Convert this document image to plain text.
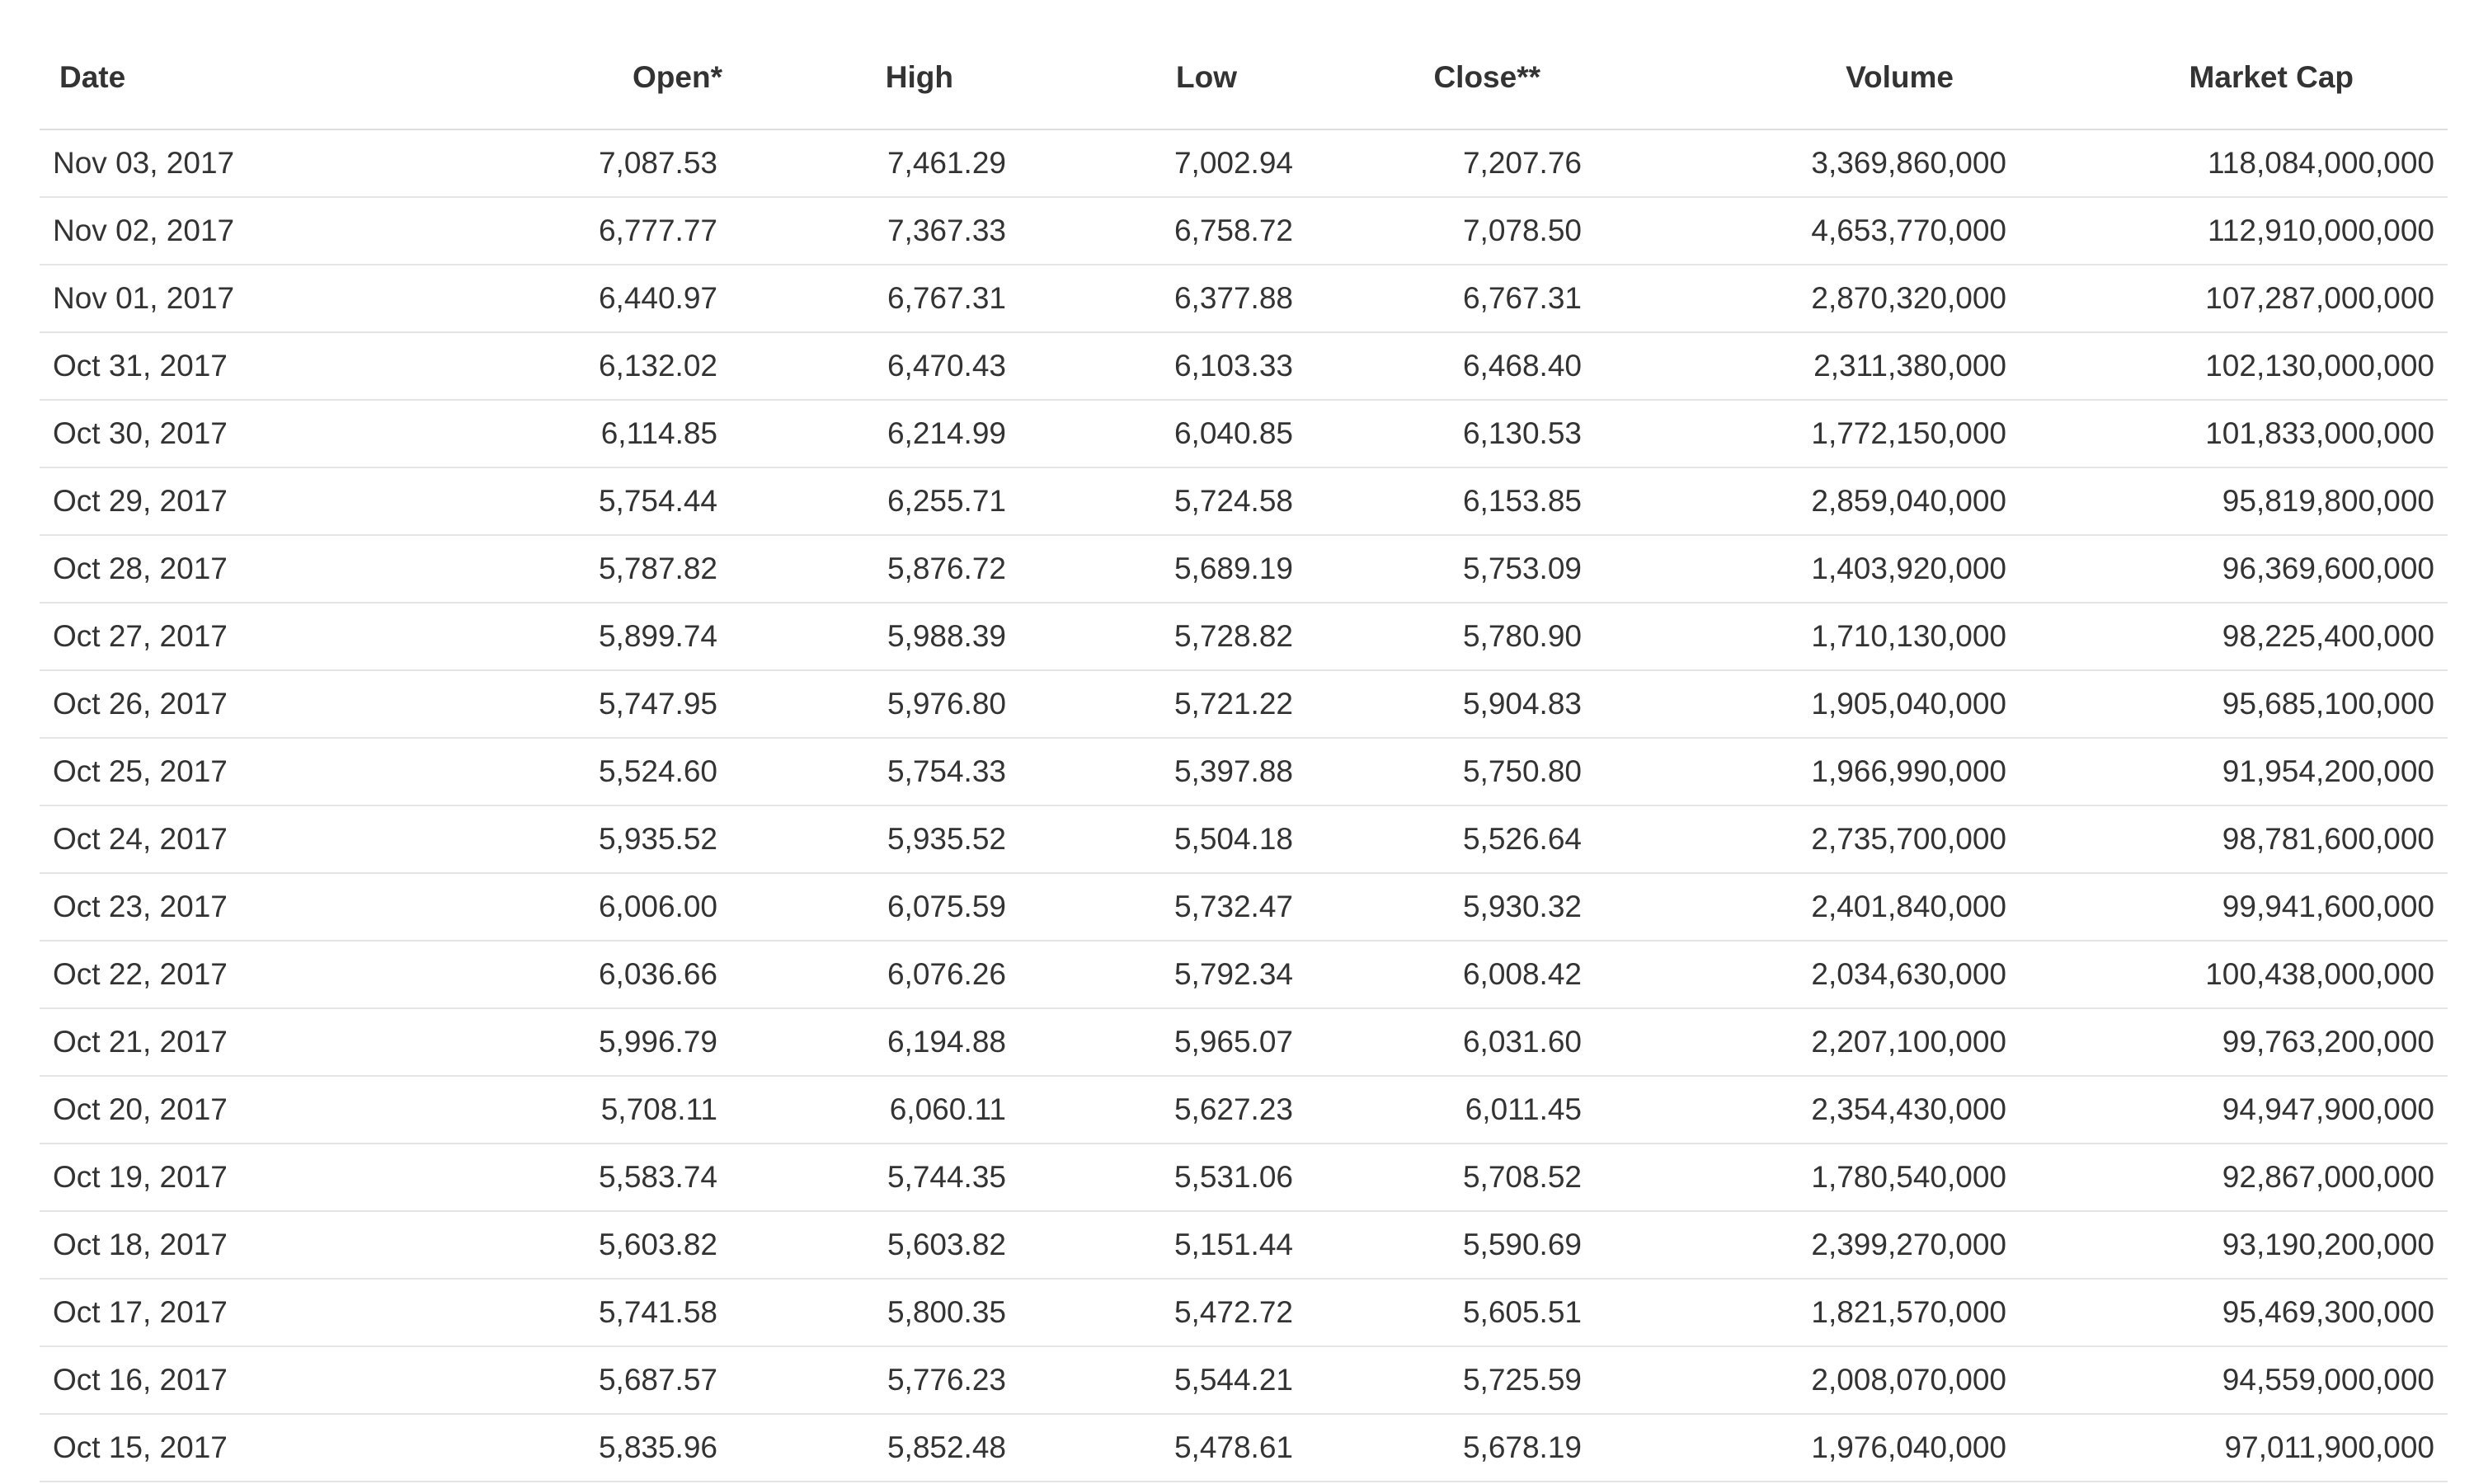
Date	Open*	High	Low	Close**	Volume	Market Cap
Nov 03, 2017	7,087.53	7,461.29	7,002.94	7,207.76	3,369,860,000	118,084,000,000
Nov 02, 2017	6,777.77	7,367.33	6,758.72	7,078.50	4,653,770,000	112,910,000,000
Nov 01, 2017	6,440.97	6,767.31	6,377.88	6,767.31	2,870,320,000	107,287,000,000
Oct 31, 2017	6,132.02	6,470.43	6,103.33	6,468.40	2,311,380,000	102,130,000,000
Oct 30, 2017	6,114.85	6,214.99	6,040.85	6,130.53	1,772,150,000	101,833,000,000
Oct 29, 2017	5,754.44	6,255.71	5,724.58	6,153.85	2,859,040,000	95,819,800,000
Oct 28, 2017	5,787.82	5,876.72	5,689.19	5,753.09	1,403,920,000	96,369,600,000
Oct 27, 2017	5,899.74	5,988.39	5,728.82	5,780.90	1,710,130,000	98,225,400,000
Oct 26, 2017	5,747.95	5,976.80	5,721.22	5,904.83	1,905,040,000	95,685,100,000
Oct 25, 2017	5,524.60	5,754.33	5,397.88	5,750.80	1,966,990,000	91,954,200,000
Oct 24, 2017	5,935.52	5,935.52	5,504.18	5,526.64	2,735,700,000	98,781,600,000
Oct 23, 2017	6,006.00	6,075.59	5,732.47	5,930.32	2,401,840,000	99,941,600,000
Oct 22, 2017	6,036.66	6,076.26	5,792.34	6,008.42	2,034,630,000	100,438,000,000
Oct 21, 2017	5,996.79	6,194.88	5,965.07	6,031.60	2,207,100,000	99,763,200,000
Oct 20, 2017	5,708.11	6,060.11	5,627.23	6,011.45	2,354,430,000	94,947,900,000
Oct 19, 2017	5,583.74	5,744.35	5,531.06	5,708.52	1,780,540,000	92,867,000,000
Oct 18, 2017	5,603.82	5,603.82	5,151.44	5,590.69	2,399,270,000	93,190,200,000
Oct 17, 2017	5,741.58	5,800.35	5,472.72	5,605.51	1,821,570,000	95,469,300,000
Oct 16, 2017	5,687.57	5,776.23	5,544.21	5,725.59	2,008,070,000	94,559,000,000
Oct 15, 2017	5,835.96	5,852.48	5,478.61	5,678.19	1,976,040,000	97,011,900,000
